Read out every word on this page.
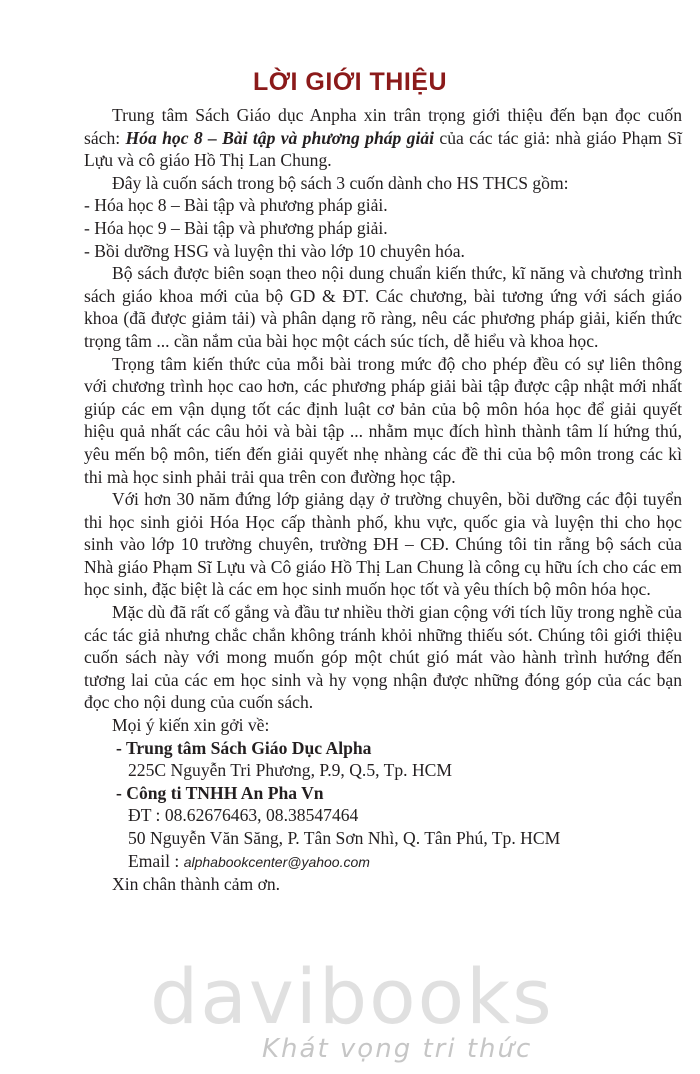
LỜI GIỚI THIỆU

Trung tâm Sách Giáo dục Anpha xin trân trọng giới thiệu đến bạn đọc cuốn sách: Hóa học 8 – Bài tập và phương pháp giải của các tác giả: nhà giáo Phạm Sĩ Lựu và cô giáo Hồ Thị Lan Chung.

Đây là cuốn sách trong bộ sách 3 cuốn dành cho HS THCS gồm:

- Hóa học 8 – Bài tập và phương pháp giải.

- Hóa học 9 – Bài tập và phương pháp giải.

- Bồi dưỡng HSG và luyện thi vào lớp 10 chuyên hóa.

Bộ sách được biên soạn theo nội dung chuẩn kiến thức, kĩ năng và chương trình sách giáo khoa mới của bộ GD & ĐT. Các chương, bài tương ứng với sách giáo khoa (đã được giảm tải) và phân dạng rõ ràng, nêu các phương pháp giải, kiến thức trọng tâm ... cần nắm của bài học một cách súc tích, dễ hiểu và khoa học.

Trọng tâm kiến thức của mỗi bài trong mức độ cho phép đều có sự liên thông với chương trình học cao hơn, các phương pháp giải bài tập được cập nhật mới nhất giúp các em vận dụng tốt các định luật cơ bản của bộ môn hóa học để giải quyết hiệu quả nhất các câu hỏi và bài tập ... nhằm mục đích hình thành tâm lí hứng thú, yêu mến bộ môn, tiến đến giải quyết nhẹ nhàng các đề thi của bộ môn trong các kì thi mà học sinh phải trải qua trên con đường học tập.

Với hơn 30 năm đứng lớp giảng dạy ở trường chuyên, bồi dưỡng các đội tuyển thi học sinh giỏi Hóa Học cấp thành phố, khu vực, quốc gia và luyện thi cho học sinh vào lớp 10 trường chuyên, trường ĐH – CĐ. Chúng tôi tin rằng bộ sách của Nhà giáo Phạm Sĩ Lựu và Cô giáo Hồ Thị Lan Chung là công cụ hữu ích cho các em học sinh, đặc biệt là các em học sinh muốn học tốt và yêu thích bộ môn hóa học.

Mặc dù đã rất cố gắng và đầu tư nhiều thời gian cộng với tích lũy trong nghề của các tác giả nhưng chắc chắn không tránh khỏi những thiếu sót. Chúng tôi giới thiệu cuốn sách này với mong muốn góp một chút gió mát vào hành trình hướng đến tương lai của các em học sinh và hy vọng nhận được những đóng góp của các bạn đọc cho nội dung của cuốn sách.

Mọi ý kiến xin gởi về:

- Trung tâm Sách Giáo Dục Alpha

225C Nguyễn Tri Phương, P.9, Q.5, Tp. HCM

- Công ti TNHH An Pha Vn

ĐT : 08.62676463, 08.38547464

50 Nguyễn Văn Săng, P. Tân Sơn Nhì, Q. Tân Phú, Tp. HCM

Email : alphabookcenter@yahoo.com

Xin chân thành cảm ơn.

davibooks
Khát vọng tri thức
